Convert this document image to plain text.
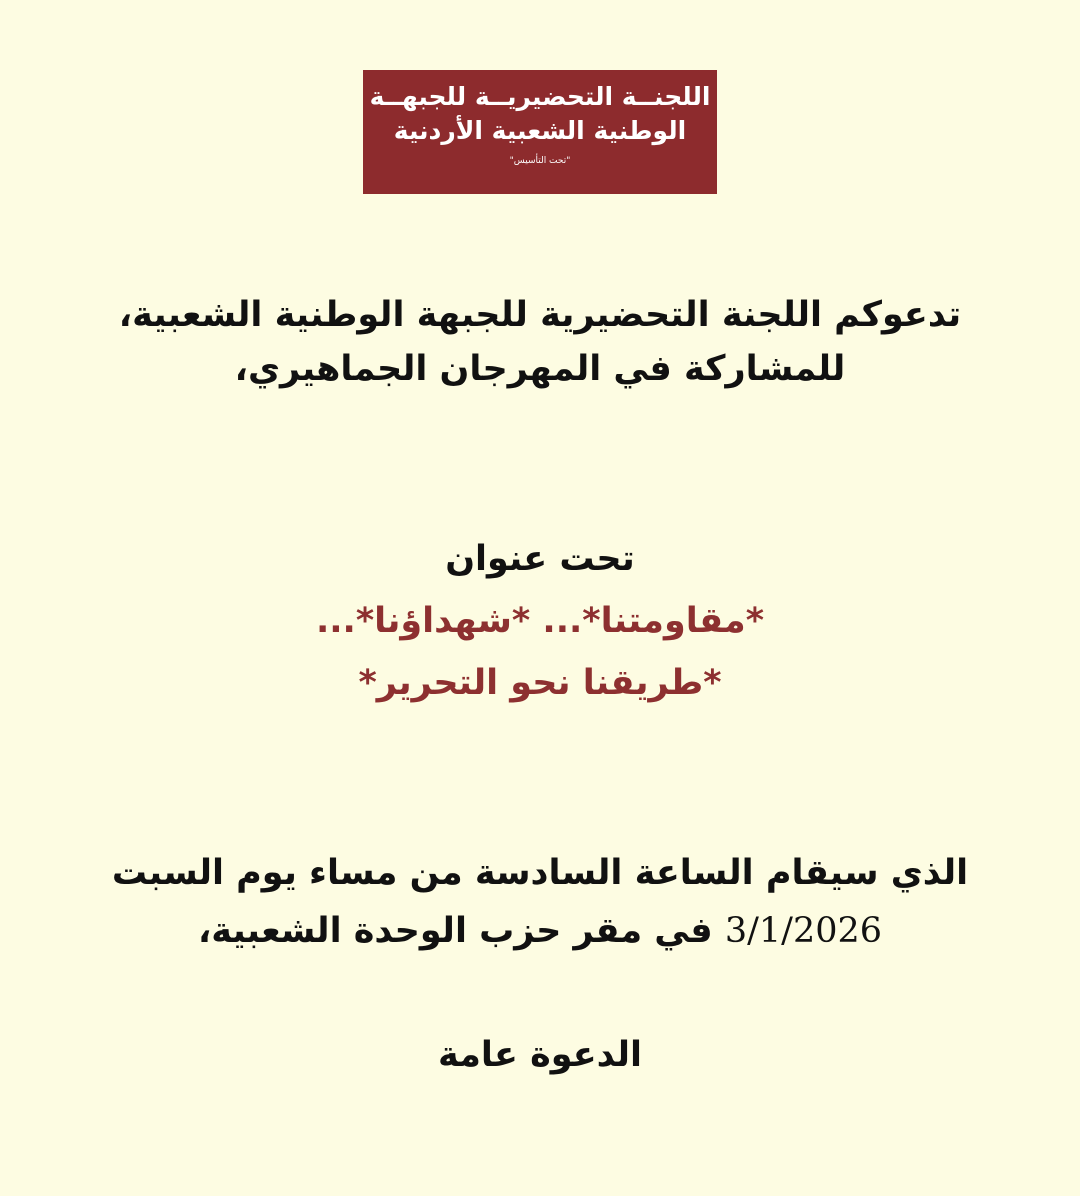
اللجنــة التحضيريــة للجبهــة
الوطنية الشعبية الأردنية
"تحت التأسيس"
تدعوكم اللجنة التحضيرية للجبهة الوطنية الشعبية،
للمشاركة في المهرجان الجماهيري،
تحت عنوان
*مقاومتنا*... *شهداؤنا*...
*طريقنا نحو التحرير*
الذي سيقام الساعة السادسة من مساء يوم السبت
3/1/2026 في مقر حزب الوحدة الشعبية،
الدعوة عامة
